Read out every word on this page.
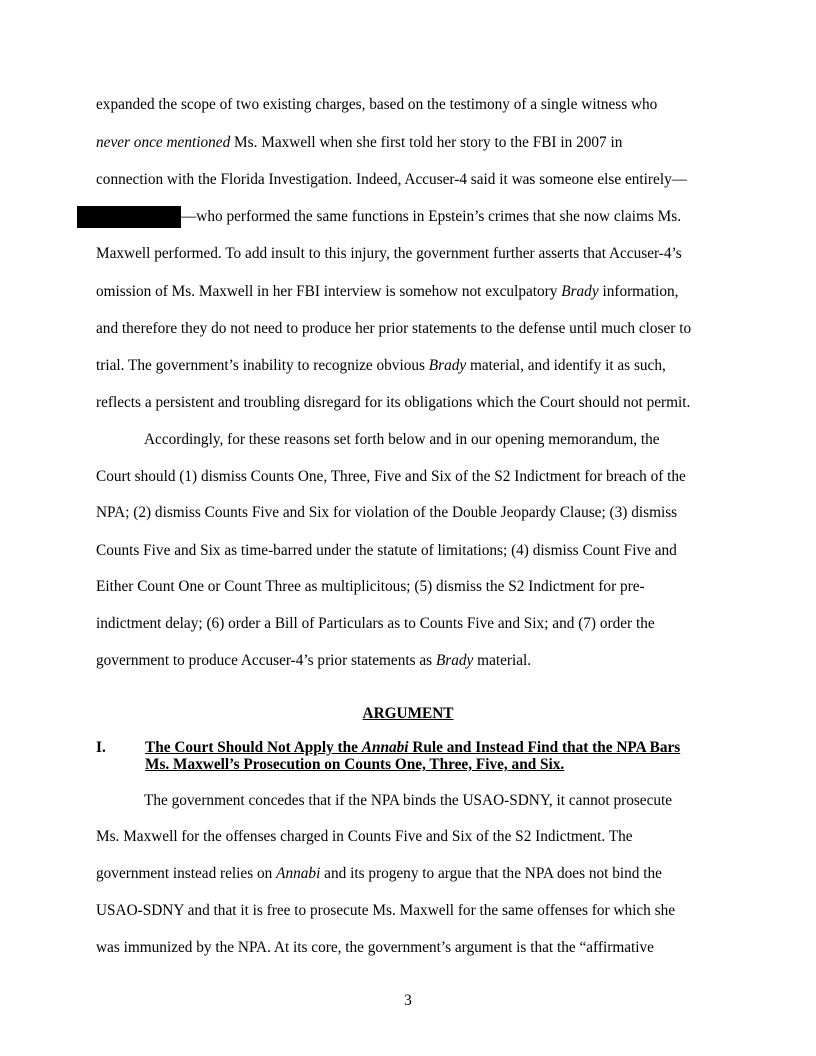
expanded the scope of two existing charges, based on the testimony of a single witness who
never once mentioned Ms. Maxwell when she first told her story to the FBI in 2007 in
connection with the Florida Investigation. Indeed, Accuser-4 said it was someone else entirely—
—who performed the same functions in Epstein’s crimes that she now claims Ms.
Maxwell performed. To add insult to this injury, the government further asserts that Accuser-4’s
omission of Ms. Maxwell in her FBI interview is somehow not exculpatory Brady information,
and therefore they do not need to produce her prior statements to the defense until much closer to
trial. The government’s inability to recognize obvious Brady material, and identify it as such,
reflects a persistent and troubling disregard for its obligations which the Court should not permit.
Accordingly, for these reasons set forth below and in our opening memorandum, the
Court should (1) dismiss Counts One, Three, Five and Six of the S2 Indictment for breach of the
NPA; (2) dismiss Counts Five and Six for violation of the Double Jeopardy Clause; (3) dismiss
Counts Five and Six as time-barred under the statute of limitations; (4) dismiss Count Five and
Either Count One or Count Three as multiplicitous; (5) dismiss the S2 Indictment for pre-
indictment delay; (6) order a Bill of Particulars as to Counts Five and Six; and (7) order the
government to produce Accuser-4’s prior statements as Brady material.
ARGUMENT
I.	The Court Should Not Apply the Annabi Rule and Instead Find that the NPA Bars
Ms. Maxwell’s Prosecution on Counts One, Three, Five, and Six.
The government concedes that if the NPA binds the USAO-SDNY, it cannot prosecute
Ms. Maxwell for the offenses charged in Counts Five and Six of the S2 Indictment. The
government instead relies on Annabi and its progeny to argue that the NPA does not bind the
USAO-SDNY and that it is free to prosecute Ms. Maxwell for the same offenses for which she
was immunized by the NPA. At its core, the government’s argument is that the “affirmative
3
